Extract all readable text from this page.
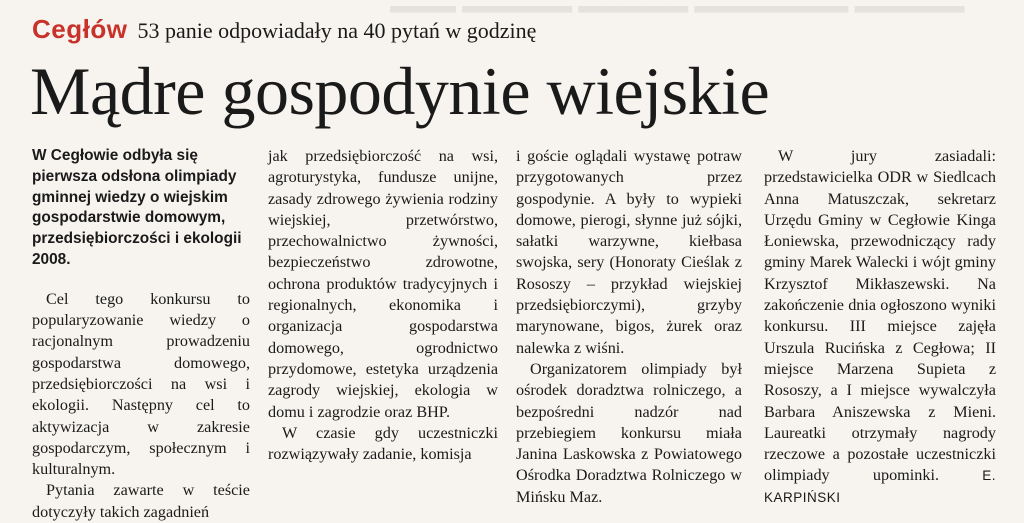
▬▬▬ ▬▬▬▬▬ ▬▬▬▬▬ ▬▬▬▬▬▬▬ ▬▬▬▬▬
Cegłów 53 panie odpowiadały na 40 pytań w godzinę
Mądre gospodynie wiejskie

W Cegłowie odbyła się pierwsza odsłona olimpiady gminnej wiedzy o wiejskim gospodarstwie domowym, przedsiębiorczości i ekologii 2008.

Cel tego konkursu to popularyzowanie wiedzy o racjonalnym prowadzeniu gospodarstwa domowego, przedsiębiorczości na wsi i ekologii. Następny cel to aktywizacja w zakresie gospodarczym, społecznym i kulturalnym.

Pytania zawarte w teście dotyczyły takich zagadnień

jak przedsiębiorczość na wsi, agroturystyka, fundusze unijne, zasady zdrowego żywienia rodziny wiejskiej, przetwórstwo, przechowalnictwo żywności, bezpieczeństwo zdrowotne, ochrona produktów tradycyjnych i regionalnych, ekonomika i organizacja gospodarstwa domowego, ogrodnictwo przydomowe, estetyka urządzenia zagrody wiejskiej, ekologia w domu i zagrodzie oraz BHP.

W czasie gdy uczestniczki rozwiązywały zadanie, komisja

i goście oglądali wystawę potraw przygotowanych przez gospodynie. A były to wypieki domowe, pierogi, słynne już sójki, sałatki warzywne, kiełbasa swojska, sery (Honoraty Cieślak z Rososzy – przykład wiejskiej przedsiębiorczymi), grzyby marynowane, bigos, żurek oraz nalewka z wiśni.

Organizatorem olimpiady był ośrodek doradztwa rolniczego, a bezpośredni nadzór nad przebiegiem konkursu miała Janina Laskowska z Powiatowego Ośrodka Doradztwa Rolniczego w Mińsku Maz.

W jury zasiadali: przedstawicielka ODR w Siedlcach Anna Matuszczak, sekretarz Urzędu Gminy w Cegłowie Kinga Łoniewska, przewodniczący rady gminy Marek Walecki i wójt gminy Krzysztof Mikłaszewski. Na zakończenie dnia ogłoszono wyniki konkursu. III miejsce zajęła Urszula Rucińska z Cegłowa; II miejsce Marzena Supieta z Rososzy, a I miejsce wywalczyła Barbara Aniszewska z Mieni. Laureatki otrzymały nagrody rzeczowe a pozostałe uczestniczki olimpiady upominki.	E. KARPIŃSKI
